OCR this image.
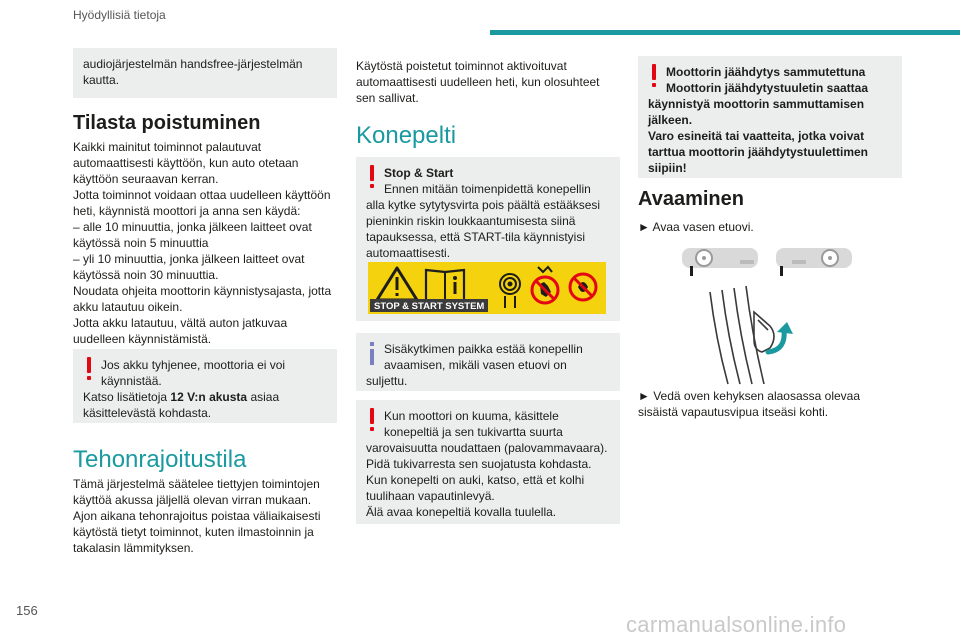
Hyödyllisiä tietoja

audiojärjestelmän handsfree-järjestelmän kautta.

Tilasta poistuminen
Kaikki mainitut toiminnot palautuvat
automaattisesti käyttöön, kun auto otetaan
käyttöön seuraavan kerran.
Jotta toiminnot voidaan ottaa uudelleen käyttöön
heti, käynnistä moottori ja anna sen käydä:
– alle 10 minuuttia, jonka jälkeen laitteet ovat
käytössä noin 5 minuuttia
– yli 10 minuuttia, jonka jälkeen laitteet ovat
käytössä noin 30 minuuttia.
Noudata ohjeita moottorin käynnistysajasta, jotta
akku latautuu oikein.
Jotta akku latautuu, vältä auton jatkuvaa
uudelleen käynnistämistä.

Jos akku tyhjenee, moottoria ei voi

käynnistää.

Katso lisätietoja 12 V:n akusta asiaa

käsittelevästä kohdasta.

Tehonrajoitustila
Tämä järjestelmä säätelee tiettyjen toimintojen
käyttöä akussa jäljellä olevan virran mukaan.
Ajon aikana tehonrajoitus poistaa väliaikaisesti
käytöstä tietyt toiminnot, kuten ilmastoinnin ja
takalasin lämmityksen.
Käytöstä poistetut toiminnot aktivoituvat
automaattisesti uudelleen heti, kun olosuhteet
sen sallivat.
Konepelti

Stop & Start

Ennen mitään toimenpidettä konepellin

alla kytke sytytysvirta pois päältä estääksesi

pieninkin riskin loukkaantumisesta siinä

tapauksessa, että START-tila käynnistyisi

automaattisesti.

STOP & START SYSTEM

Sisäkytkimen paikka estää konepellin

avaamisen, mikäli vasen etuovi on

suljettu.

Kun moottori on kuuma, käsittele

konepeltiä ja sen tukivartta suurta

varovaisuutta noudattaen (palovammavaara).

Pidä tukivarresta sen suojatusta kohdasta.

Kun konepelti on auki, katso, että et kolhi

tuulihaan vapautinlevyä.

Älä avaa konepeltiä kovalla tuulella.

Moottorin jäähdytys sammutettuna

Moottorin jäähdytystuuletin saattaa

käynnistyä moottorin sammuttamisen

jälkeen.

Varo esineitä tai vaatteita, jotka voivat

tarttua moottorin jäähdytystuulettimen

siipiin!

Avaaminen
► Avaa vasen etuovi.
► Vedä oven kehyksen alaosassa olevaa
sisäistä vapautusvipua itseäsi kohti.
156
carmanualsonline.info
